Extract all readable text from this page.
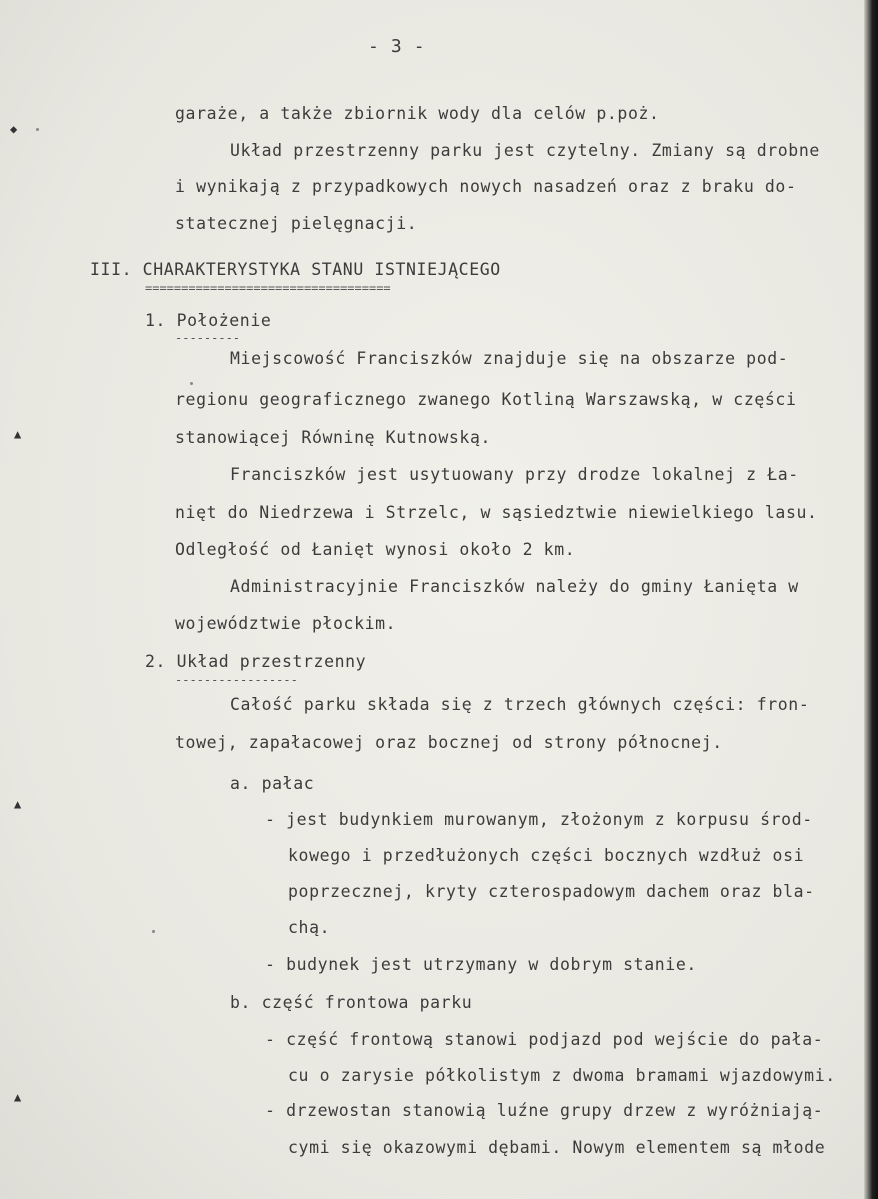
- 3 -
garaże, a także zbiornik wody dla celów p.poż.
Układ przestrzenny parku jest czytelny. Zmiany są drobne
i wynikają z przypadkowych nowych nasadzeń oraz z braku do-
statecznej pielęgnacji.
III. CHARAKTERYSTYKA STANU ISTNIEJĄCEGO
==================================
1. Położenie
---------
Miejscowość Franciszków znajduje się na obszarze pod-
regionu geograficznego zwanego Kotliną Warszawską, w części
stanowiącej Równinę Kutnowską.
Franciszków jest usytuowany przy drodze lokalnej z Ła-
nięt do Niedrzewa i Strzelc, w sąsiedztwie niewielkiego lasu.
Odległość od Łanięt wynosi około 2 km.
Administracyjnie Franciszków należy do gminy Łanięta w
województwie płockim.
2. Układ przestrzenny
-----------------
Całość parku składa się z trzech głównych części: fron-
towej, zapałacowej oraz bocznej od strony północnej.
a. pałac
- jest budynkiem murowanym, złożonym z korpusu środ-
kowego i przedłużonych części bocznych wzdłuż osi
poprzecznej, kryty czterospadowym dachem oraz bla-
chą.
- budynek jest utrzymany w dobrym stanie.
b. część frontowa parku
- część frontową stanowi podjazd pod wejście do pała-
cu o zarysie półkolistym z dwoma bramami wjazdowymi.
- drzewostan stanowią luźne grupy drzew z wyróżniają-
cymi się okazowymi dębami. Nowym elementem są młode
◆
▲
▲
▲
